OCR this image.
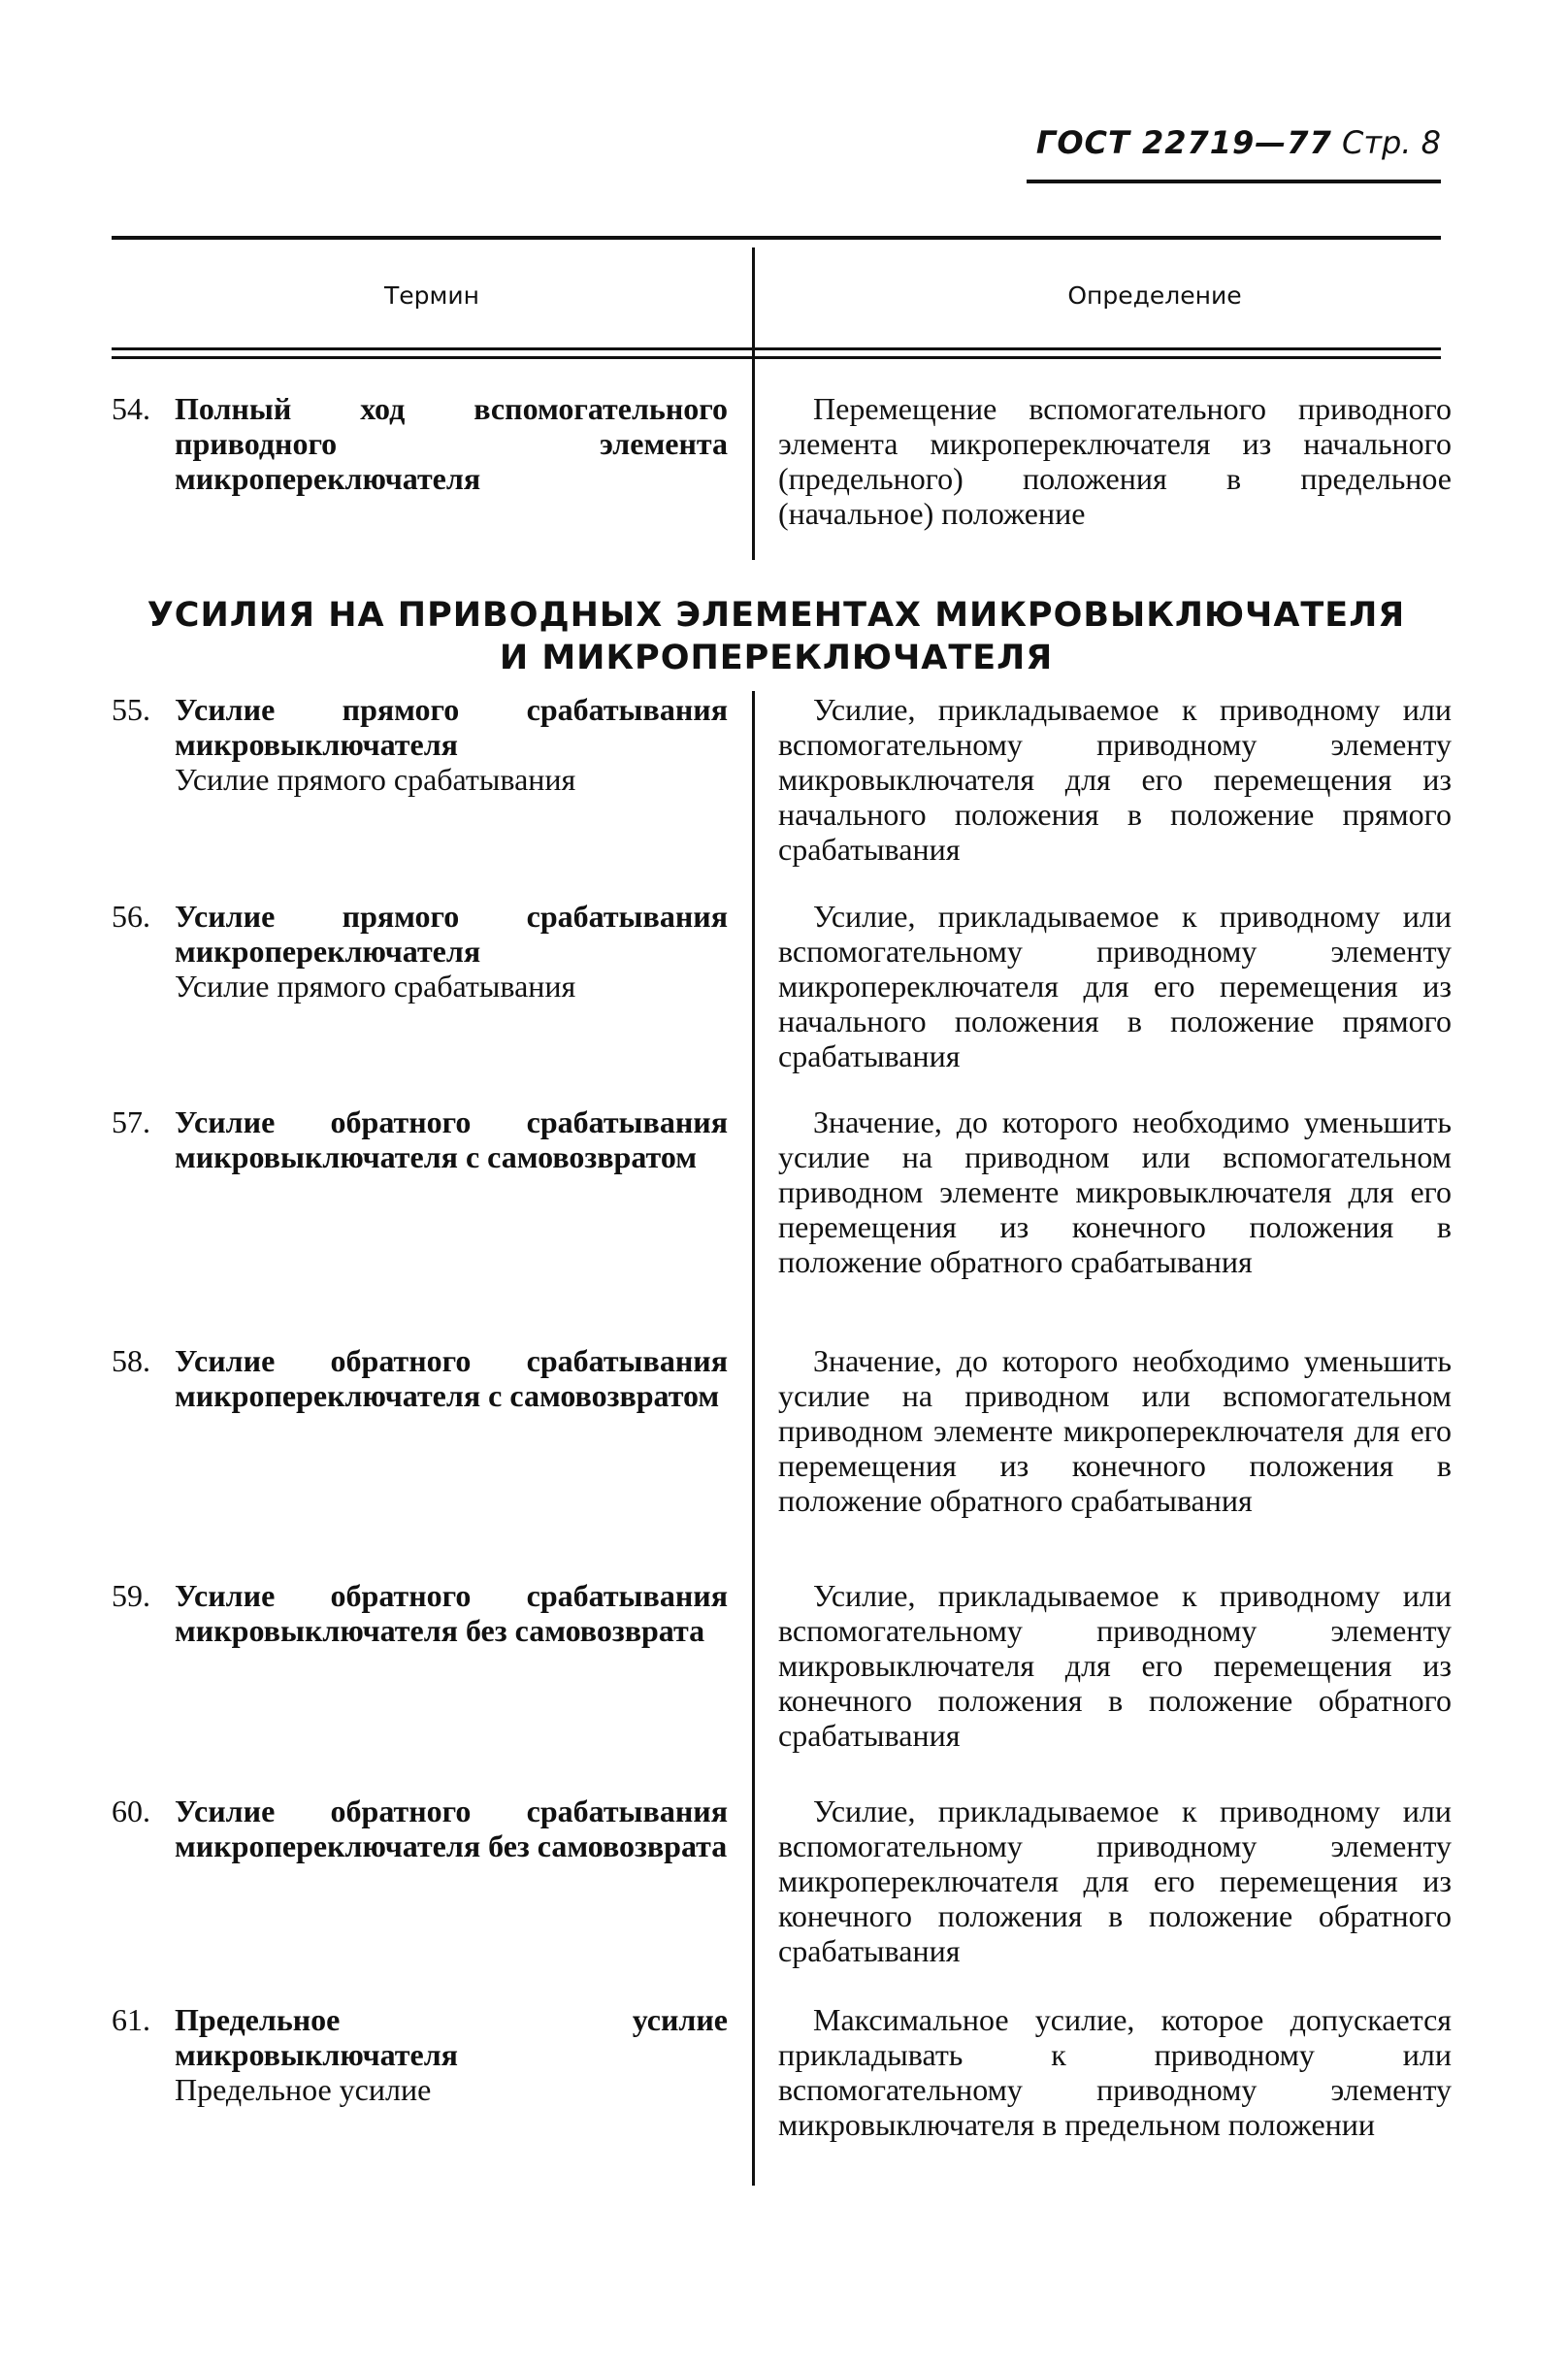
ГОСТ 22719—77 Стр. 8
Термин	Определение
54. Полный ход вспомогательного приводного элемента микропереключателя
Перемещение вспомогательного приводного элемента микропереключателя из начального (предельного) положения в предельное (начальное) положение
УСИЛИЯ НА ПРИВОДНЫХ ЭЛЕМЕНТАХ МИКРОВЫКЛЮЧАТЕЛЯ
И МИКРОПЕРЕКЛЮЧАТЕЛЯ
55. Усилие прямого срабатывания микровыключателя
Усилие прямого срабатывания
Усилие, прикладываемое к приводному или вспомогательному приводному элементу микровыключателя для его перемещения из начального положения в положение прямого срабатывания
56. Усилие прямого срабатывания микропереключателя
Усилие прямого срабатывания
Усилие, прикладываемое к приводному или вспомогательному приводному элементу микропереключателя для его перемещения из начального положения в положение прямого срабатывания
57. Усилие обратного срабатывания микровыключателя с самовозвратом
Значение, до которого необходимо уменьшить усилие на приводном или вспомогательном приводном элементе микровыключателя для его перемещения из конечного положения в положение обратного срабатывания
58. Усилие обратного срабатывания микропереключателя с самовозвратом
Значение, до которого необходимо уменьшить усилие на приводном или вспомогательном приводном элементе микропереключателя для его перемещения из конечного положения в положение обратного срабатывания
59. Усилие обратного срабатывания микровыключателя без самовозврата
Усилие, прикладываемое к приводному или вспомогательному приводному элементу микровыключателя для его перемещения из конечного положения в положение обратного срабатывания
60. Усилие обратного срабатывания микропереключателя без самовозврата
Усилие, прикладываемое к приводному или вспомогательному приводному элементу микропереключателя для его перемещения из конечного положения в положение обратного срабатывания
61. Предельное усилие микровыключателя
Предельное усилие
Максимальное усилие, которое допускается прикладывать к приводному или вспомогательному приводному элементу микровыключателя в предельном положении
